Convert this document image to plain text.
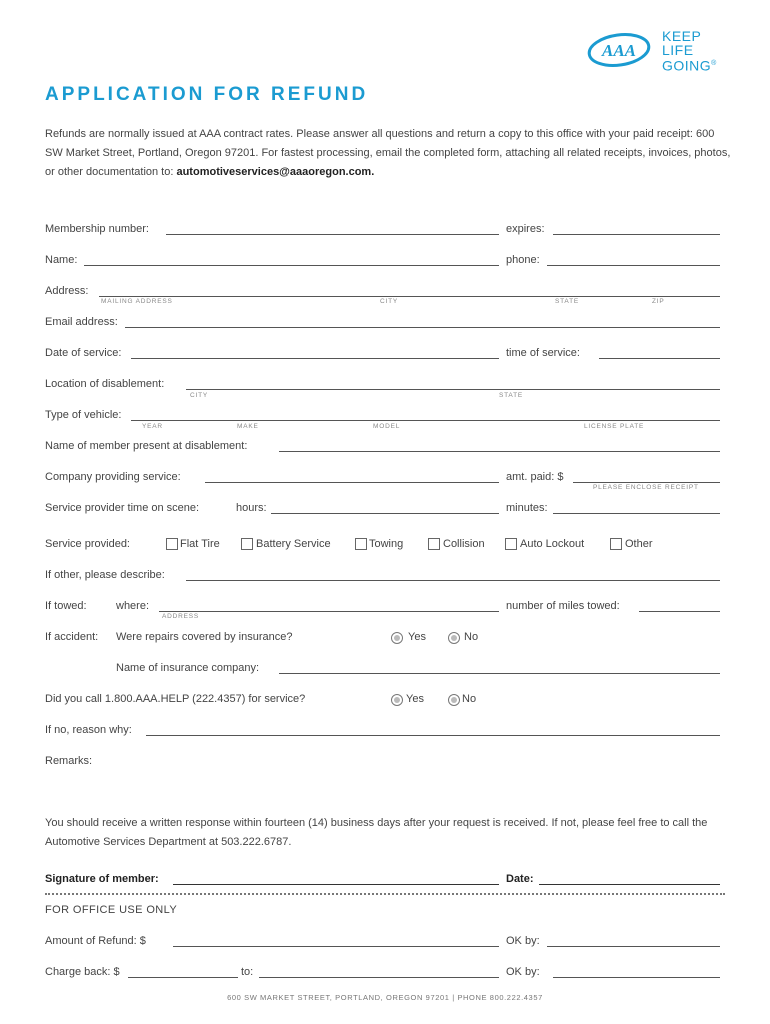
AAA
KEEP
LIFE
GOING®
APPLICATION FOR REFUND
Refunds are normally issued at AAA contract rates. Please answer all questions and return a copy to this office with your paid receipt: 600 SW Market Street, Portland, Oregon 97201. For fastest processing, email the completed form, attaching all related receipts, invoices, photos, or other documentation to: automotiveservices@aaaoregon.com.
Membership number:	expires:
Name:	phone:
Address:
MAILING ADDRESS	CITY	STATE	ZIP
Email address:
Date of service:	time of service:
Location of disablement:
CITY	STATE
Type of vehicle:
YEAR	MAKE	MODEL	LICENSE PLATE
Name of member present at disablement:
Company providing service:	amt. paid: $
PLEASE ENCLOSE RECEIPT
Service provider time on scene:	hours:	minutes:
Service provided:	Flat Tire	Battery Service	Towing	Collision	Auto Lockout	Other
If other, please describe:
If towed:	where:
ADDRESS
number of miles towed:
If accident: Were repairs covered by insurance?	Yes	No
Name of insurance company:
Did you call 1.800.AAA.HELP (222.4357) for service?	Yes	No
If no, reason why:
Remarks:
You should receive a written response within fourteen (14) business days after your request is received. If not, please feel free to call the Automotive Services Department at 503.222.6787.
Signature of member:	Date:
FOR OFFICE USE ONLY
Amount of Refund: $	OK by:
Charge back: $	to:	OK by:
600 SW MARKET STREET, PORTLAND, OREGON 97201 | PHONE 800.222.4357
